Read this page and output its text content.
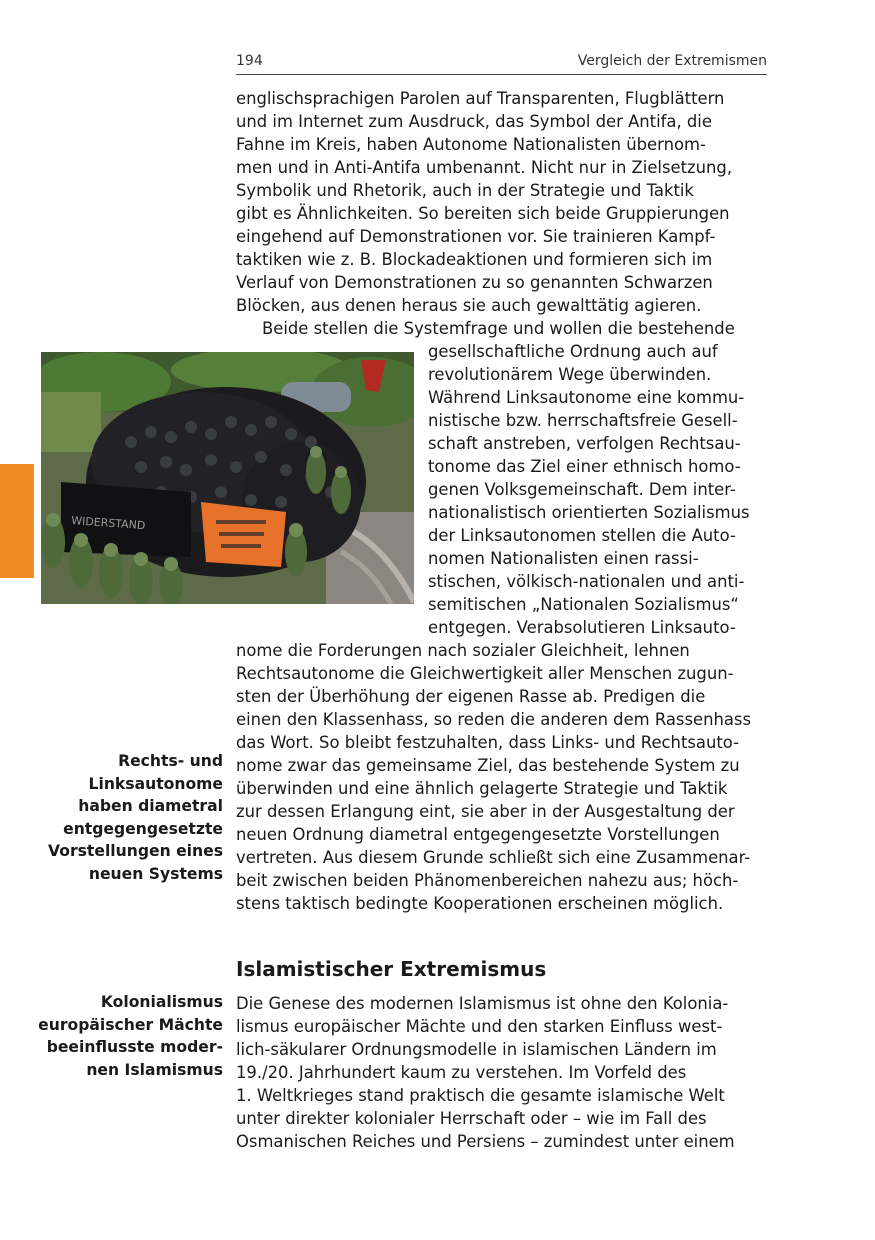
194	Vergleich der Extremismen
englischsprachigen Parolen auf Transparenten, Flugblättern
und im Internet zum Ausdruck, das Symbol der Antifa, die
Fahne im Kreis, haben Autonome Nationalisten übernom-
men und in Anti-Antifa umbenannt. Nicht nur in Zielsetzung,
Symbolik und Rhetorik, auch in der Strategie und Taktik
gibt es Ähnlichkeiten. So bereiten sich beide Gruppierungen
eingehend auf Demonstrationen vor. Sie trainieren Kampf-
taktiken wie z. B. Blockadeaktionen und formieren sich im
Verlauf von Demonstrationen zu so genannten Schwarzen
Blöcken, aus denen heraus sie auch gewalttätig agieren.
Beide stellen die Systemfrage und wollen die bestehende
WIDERSTAND
gesellschaftliche Ordnung auch auf
revolutionärem Wege überwinden.
Während Linksautonome eine kommu-
nistische bzw. herrschaftsfreie Gesell-
schaft anstreben, verfolgen Rechtsau-
tonome das Ziel einer ethnisch homo-
genen Volksgemeinschaft. Dem inter-
nationalistisch orientierten Sozialismus
der Linksautonomen stellen die Auto-
nomen Nationalisten einen rassi-
stischen, völkisch-nationalen und anti-
semitischen „Nationalen Sozialismus“
entgegen. Verabsolutieren Linksauto-
nome die Forderungen nach sozialer Gleichheit, lehnen
Rechtsautonome die Gleichwertigkeit aller Menschen zugun-
sten der Überhöhung der eigenen Rasse ab. Predigen die
einen den Klassenhass, so reden die anderen dem Rassenhass
das Wort. So bleibt festzuhalten, dass Links- und Rechtsauto-
nome zwar das gemeinsame Ziel, das bestehende System zu
überwinden und eine ähnlich gelagerte Strategie und Taktik
zur dessen Erlangung eint, sie aber in der Ausgestaltung der
neuen Ordnung diametral entgegengesetzte Vorstellungen
vertreten. Aus diesem Grunde schließt sich eine Zusammenar-
beit zwischen beiden Phänomenbereichen nahezu aus; höch-
stens taktisch bedingte Kooperationen erscheinen möglich.
Rechts- und
Linksautonome
haben diametral
entgegengesetzte
Vorstellungen eines
neuen Systems
Islamistischer Extremismus
Kolonialismus
europäischer Mächte
beeinflusste moder-
nen Islamismus
Die Genese des modernen Islamismus ist ohne den Kolonia-
lismus europäischer Mächte und den starken Einfluss west-
lich-säkularer Ordnungsmodelle in islamischen Ländern im
19./20. Jahrhundert kaum zu verstehen. Im Vorfeld des
1. Weltkrieges stand praktisch die gesamte islamische Welt
unter direkter kolonialer Herrschaft oder – wie im Fall des
Osmanischen Reiches und Persiens – zumindest unter einem
